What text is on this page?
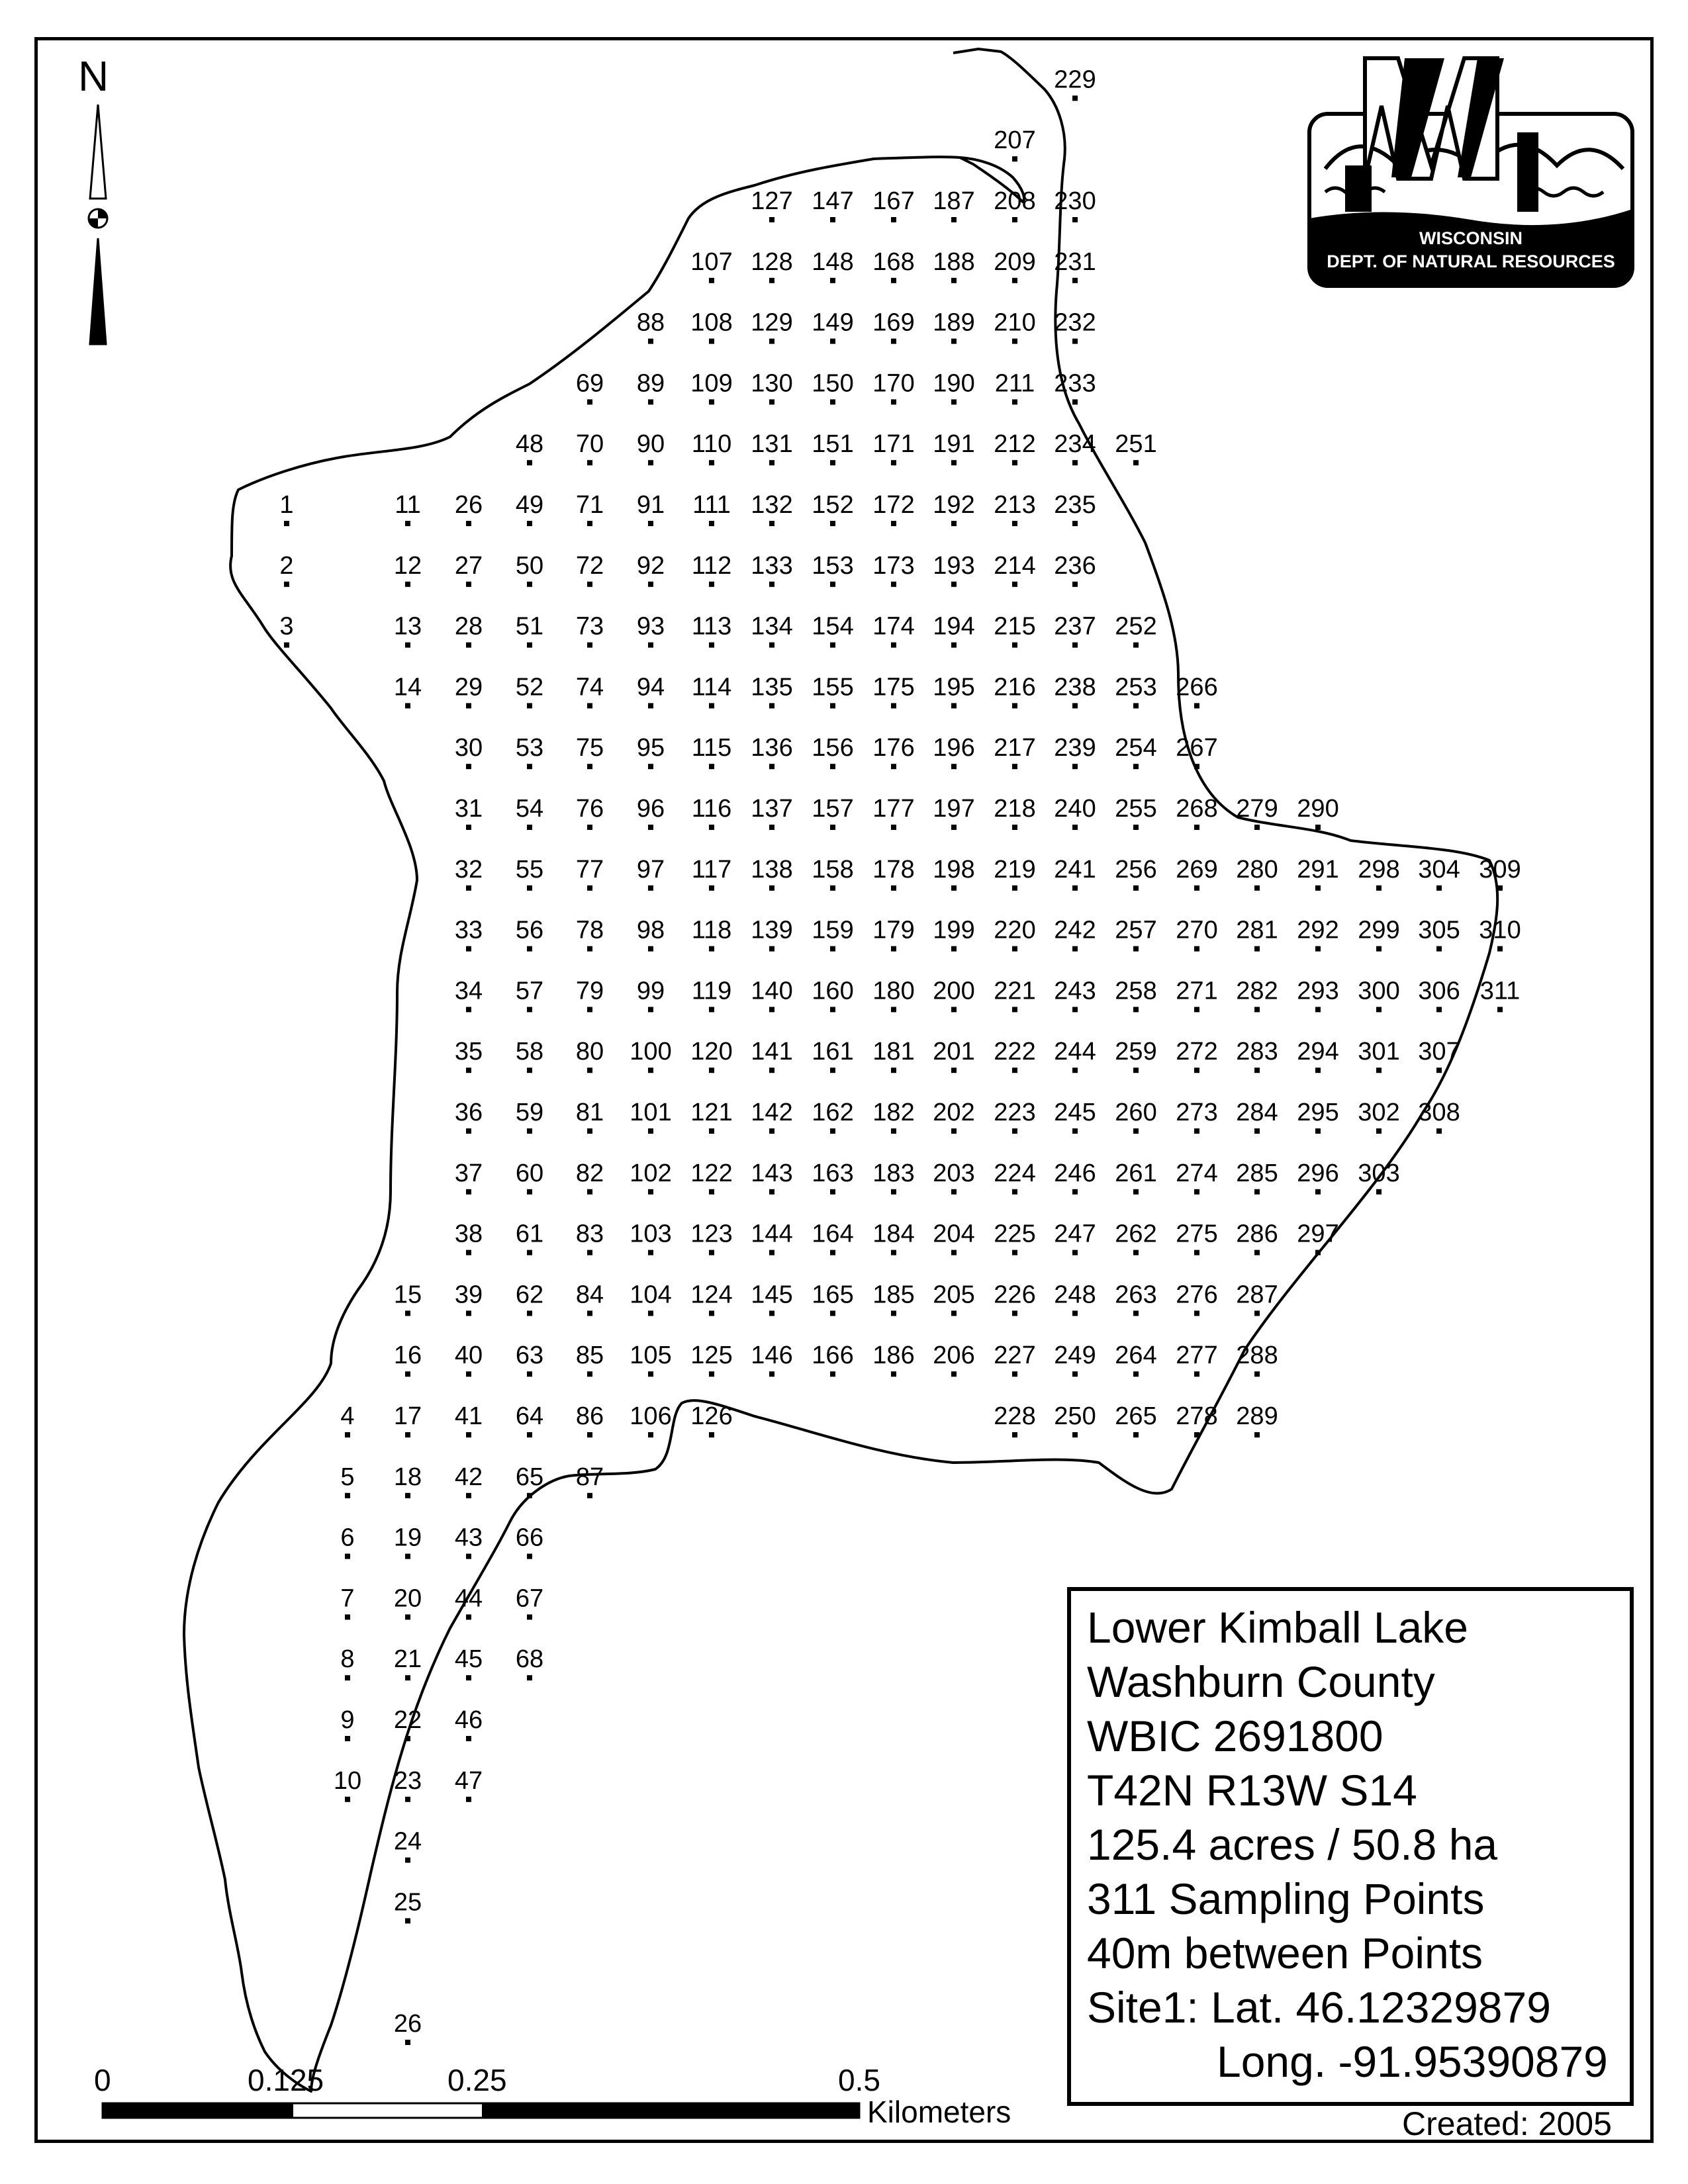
1
2
3
4
5
6
7
8
9
10
11
12
13
14
15
16
17
18
19
20
21
22
23
24
25
26
26
27
28
29
30
31
32
33
34
35
36
37
38
39
40
41
42
43
44
45
46
47
48
49
50
51
52
53
54
55
56
57
58
59
60
61
62
63
64
65
66
67
68
69
70
71
72
73
74
75
76
77
78
79
80
81
82
83
84
85
86
87
88
89
90
91
92
93
94
95
96
97
98
99
100
101
102
103
104
105
106
107
108
109
110
111
112
113
114
115
116
117
118
119
120
121
122
123
124
125
126
127
128
129
130
131
132
133
134
135
136
137
138
139
140
141
142
143
144
145
146
147
148
149
150
151
152
153
154
155
156
157
158
159
160
161
162
163
164
165
166
167
168
169
170
171
172
173
174
175
176
177
178
179
180
181
182
183
184
185
186
187
188
189
190
191
192
193
194
195
196
197
198
199
200
201
202
203
204
205
206
207
208
209
210
211
212
213
214
215
216
217
218
219
220
221
222
223
224
225
226
227
228
229
230
231
232
233
234
235
236
237
238
239
240
241
242
243
244
245
246
247
248
249
250
251
252
253
254
255
256
257
258
259
260
261
262
263
264
265
266
267
268
269
270
271
272
273
274
275
276
277
278
279
280
281
282
283
284
285
286
287
288
289
290
291
292
293
294
295
296
297
298
299
300
301
302
303
304
305
306
307
308
309
310
311
N
WISCONSIN
DEPT. OF NATURAL RESOURCES
Lower Kimball Lake
Washburn County
WBIC 2691800
T42N R13W S14
125.4 acres / 50.8 ha
311 Sampling Points
40m between Points
Site1: Lat. 46.12329879
Long. -91.95390879
0	0.125	0.25	0.5
Kilometers	Created: 2005
